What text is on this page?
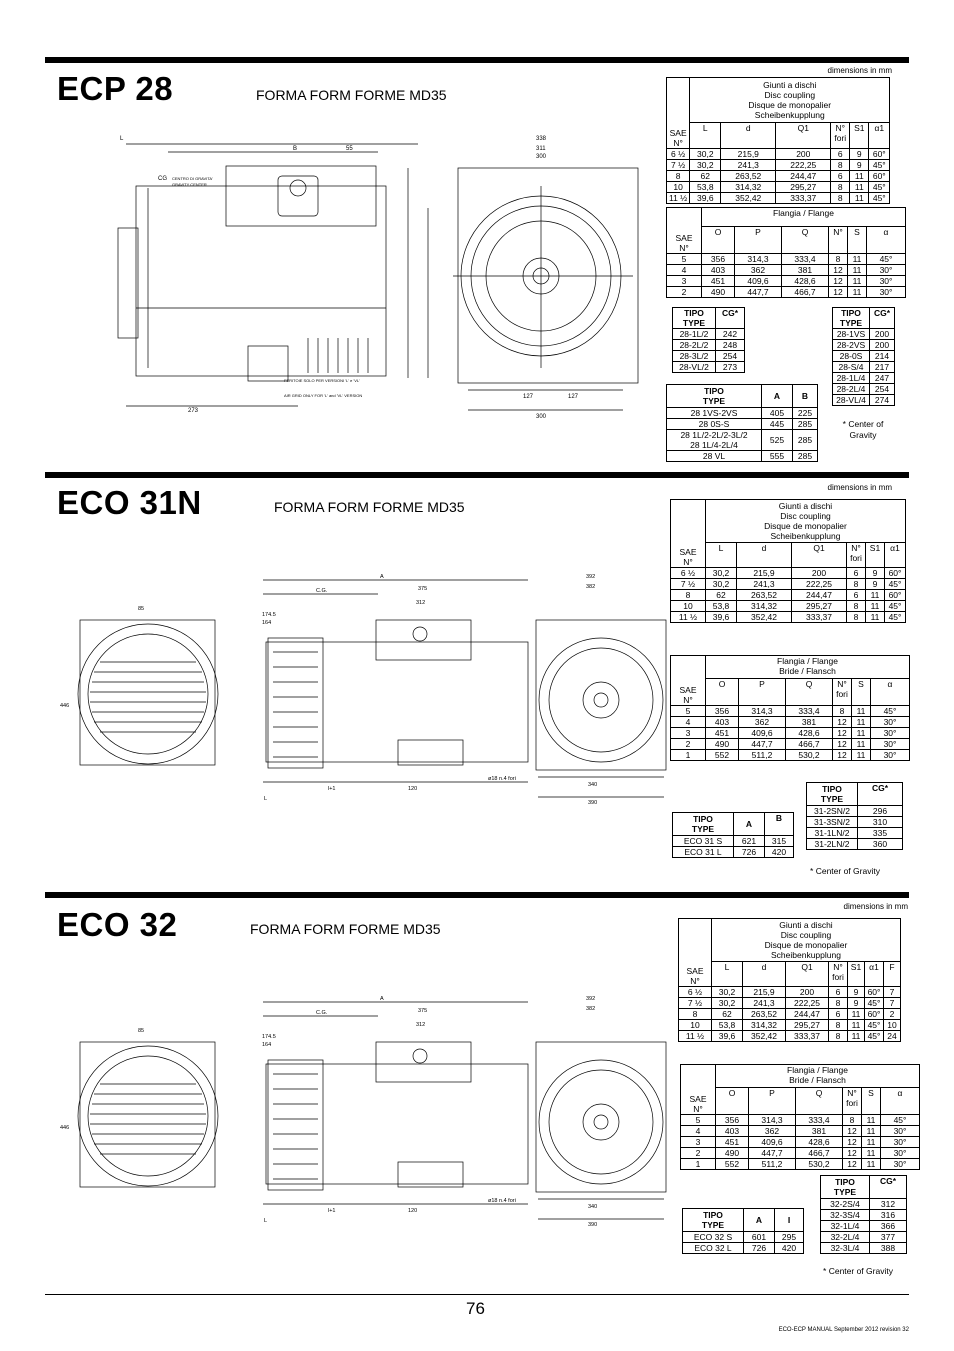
ECP 28	FORMA FORM FORME MD35
dimensions in mm
L
B	55
CG CENTRO DI GRAVITA'
GRAVITY CENTER
FERITOIE SOLO PER VERSIONI 'L' e 'VL'
AIR GRID ONLY FOR 'L' and 'VL' VERSION
273
338
311
300
127	127
300
SAE
N°	Giunti a dischi
Disc coupling
Disque de monopalier
Scheibenkupplung					
	L	d	Q1	N°
fori	S1	α1
6 ½	30,2	215,9	200	6	9	60°
7 ½	30,2	241,3	222,25	8	9	45°
8	62	263,52	244,47	6	11	60°
10	53,8	314,32	295,27	8	11	45°
11 ½	39,6	352,42	333,37	8	11	45°
SAE
N°	Flangia / Flange					
	O	P	Q	N°	S	α
5	356	314,3	333,4	8	11	45°
4	403	362	381	12	11	30°
3	451	409,6	428,6	12	11	30°
2	490	447,7	466,7	12	11	30°
TIPO
TYPE	CG*
28-1L/2	242
28-2L/2	248
28-3L/2	254
28-VL/2	273
TIPO
TYPE	CG*
28-1VS	200
28-2VS	200
28-0S	214
28-S/4	217
28-1L/4	247
28-2L/4	254
28-VL/4	274
* Center of
Gravity
TIPO
TYPE	A	B
28 1VS-2VS	405	225
28 0S-S	445	285
28 1L/2-2L/2-3L/2
28 1L/4-2L/4	525	285
28 VL	555	285
ECO 31N	FORMA FORM FORME MD35
dimensions in mm
85
A
C.G.	375
312
174.5
164
446
L
l+1	120
392
382
340
390
ø18 n.4 fori
SAE
N°	Giunti a dischi
Disc coupling
Disque de monopalier
Scheibenkupplung					
	L	d	Q1	N°
fori	S1	α1
6 ½	30,2	215,9	200	6	9	60°
7 ½	30,2	241,3	222,25	8	9	45°
8	62	263,52	244,47	6	11	60°
10	53,8	314,32	295,27	8	11	45°
11 ½	39,6	352,42	333,37	8	11	45°
SAE
N°	Flangia / Flange
Bride / Flansch					
	O	P	Q	N°
fori	S	α
5	356	314,3	333,4	8	11	45°
4	403	362	381	12	11	30°
3	451	409,6	428,6	12	11	30°
2	490	447,7	466,7	12	11	30°
1	552	511,2	530,2	12	11	30°
TIPO
TYPE	CG*
31-2SN/2	296
31-3SN/2	310
31-1LN/2	335
31-2LN/2	360
* Center of Gravity
TIPO
TYPE	A	B
ECO 31 S	621	315
ECO 31 L	726	420
ECO 32	FORMA FORM FORME MD35
dimensions in mm
85
A
C.G.	375
312
174.5
164
446
L
l+1	120
392
382
340
390
ø18 n.4 fori
SAE
N°	Giunti a dischi
Disc coupling
Disque de monopalier
Scheibenkupplung						
	L	d	Q1	N°
fori	S1	α1	F
6 ½	30,2	215,9	200	6	9	60°	7
7 ½	30,2	241,3	222,25	8	9	45°	7
8	62	263,52	244,47	6	11	60°	2
10	53,8	314,32	295,27	8	11	45°	10
11 ½	39,6	352,42	333,37	8	11	45°	24
SAE
N°	Flangia / Flange
Bride / Flansch					
	O	P	Q	N°
fori	S	α
5	356	314,3	333,4	8	11	45°
4	403	362	381	12	11	30°
3	451	409,6	428,6	12	11	30°
2	490	447,7	466,7	12	11	30°
1	552	511,2	530,2	12	11	30°
TIPO
TYPE	CG*
32-2S/4	312
32-3S/4	316
32-1L/4	366
32-2L/4	377
32-3L/4	388
* Center of Gravity
TIPO
TYPE	A	I
ECO 32 S	601	295
ECO 32 L	726	420
76
ECO-ECP MANUAL September 2012 revision 32
